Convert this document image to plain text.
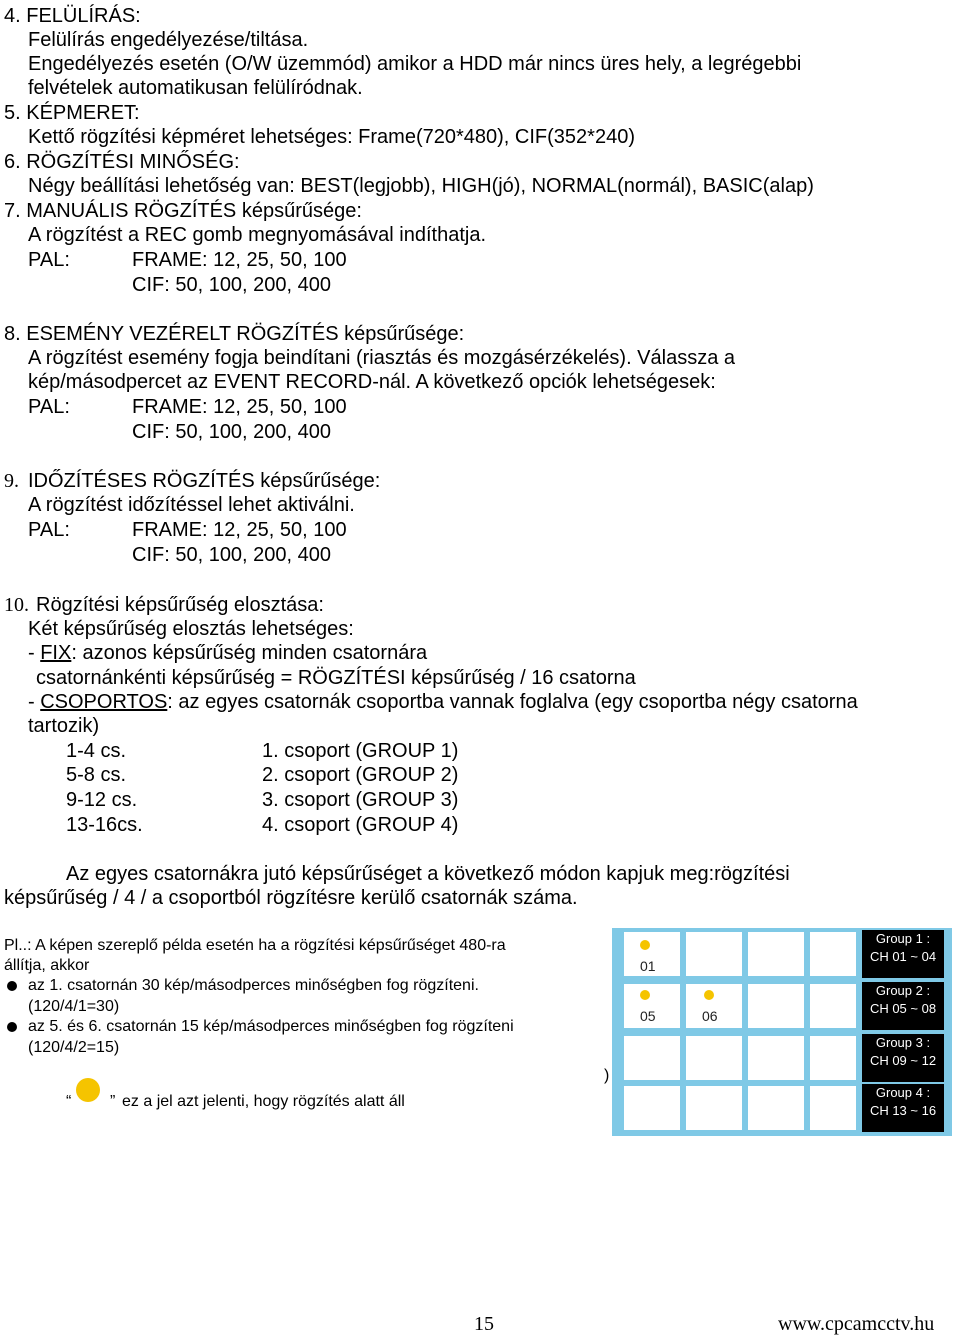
4. FELÜLÍRÁS:
Felülírás engedélyezése/tiltása.
Engedélyezés esetén (O/W üzemmód) amikor a HDD már nincs üres hely, a legrégebbi
felvételek automatikusan felülíródnak.
5. KÉPMERET:
Kettő rögzítési képméret lehetséges: Frame(720*480), CIF(352*240)
6. RÖGZÍTÉSI MINŐSÉG:
Négy beállítási lehetőség van: BEST(legjobb), HIGH(jó), NORMAL(normál), BASIC(alap)
7. MANUÁLIS RÖGZÍTÉS képsűrűsége:
A rögzítést a REC gomb megnyomásával indíthatja.
PAL:	FRAME: 12, 25, 50, 100
CIF: 50, 100, 200, 400
8. ESEMÉNY VEZÉRELT RÖGZÍTÉS képsűrűsége:
A rögzítést esemény fogja beindítani (riasztás és mozgásérzékelés). Válassza a
kép/másodpercet az EVENT RECORD-nál. A következő opciók lehetségesek:
PAL:	FRAME: 12, 25, 50, 100
CIF: 50, 100, 200, 400
9. IDŐZÍTÉSES RÖGZÍTÉS képsűrűsége:
A rögzítést időzítéssel lehet aktiválni.
PAL:	FRAME: 12, 25, 50, 100
CIF: 50, 100, 200, 400
10. Rögzítési képsűrűség elosztása:
Két képsűrűség elosztás lehetséges:
- FIX: azonos képsűrűség minden csatornára
csatornánkénti képsűrűség = RÖGZÍTÉSI képsűrűség / 16 csatorna
- CSOPORTOS: az egyes csatornák csoportba vannak foglalva (egy csoportba négy csatorna
tartozik)
1-4 cs.	1. csoport (GROUP 1)
5-8 cs.	2. csoport (GROUP 2)
9-12 cs.	3. csoport (GROUP 3)
13-16cs.	4. csoport (GROUP 4)
Az egyes csatornákra jutó képsűrűséget a következő módon kapjuk meg:rögzítési
képsűrűség / 4 / a csoportból rögzítésre kerülő csatornák száma.
Pl..: A képen szereplő példa esetén ha a rögzítési képsűrűséget 480-ra
állítja, akkor
az 1. csatornán 30 kép/másodperces minőségben fog rögzíteni.
(120/4/1=30)
az 5. és 6. csatornán 15 kép/másodperces minőségben fog rögzíteni
(120/4/2=15)
)
“ ” ez a jel azt jelenti, hogy rögzítés alatt áll
01
Group 1 :
CH 01 ~ 04
05	06
Group 2 :
CH 05 ~ 08
Group 3 :
CH 09 ~ 12
Group 4 :
CH 13 ~ 16
15	www.cpcamcctv.hu
